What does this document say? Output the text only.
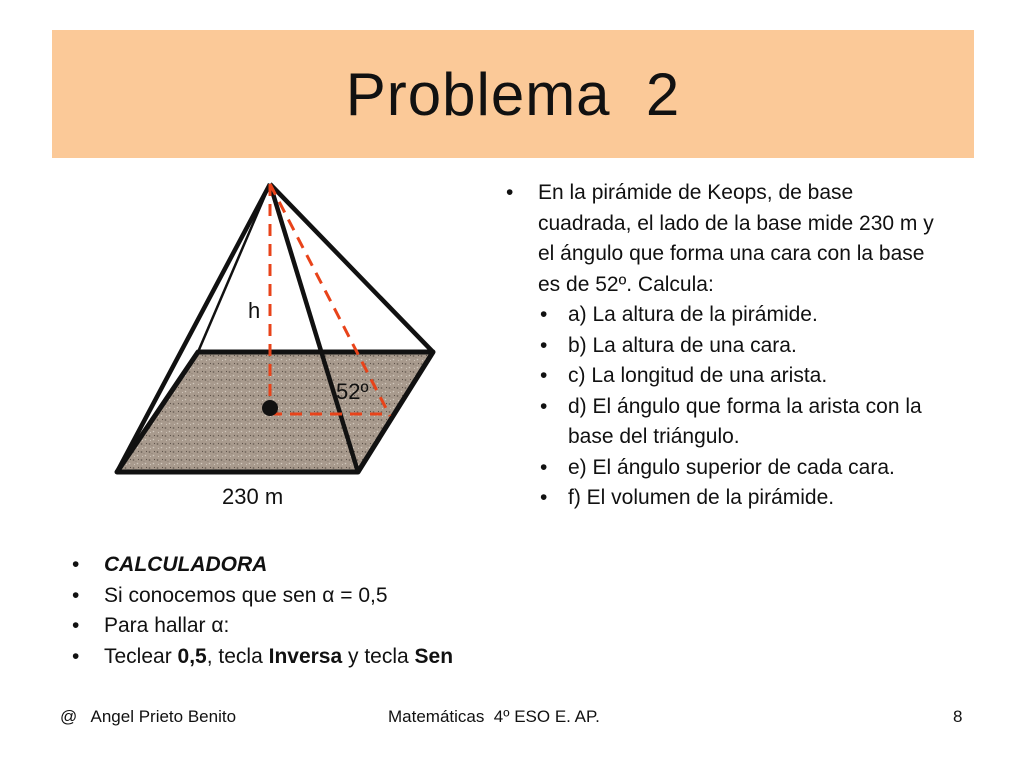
Problema  2
h
52º
230 m
• En la pirámide de Keops, de base cuadrada, el lado de la base mide 230 m y el ángulo que forma una cara con la base es de 52º. Calcula:
• a) La altura de la pirámide.
• b) La altura de una cara.
• c) La longitud de una arista.
• d) El ángulo que forma la arista con la base del triángulo.
• e) El ángulo superior de cada cara.
• f) El volumen de la pirámide.
• CALCULADORA
• Si conocemos que sen α = 0,5
• Para hallar α:
• Teclear 0,5, tecla Inversa y tecla Sen
@   Angel Prieto Benito	Matemáticas  4º ESO E. AP.	8
